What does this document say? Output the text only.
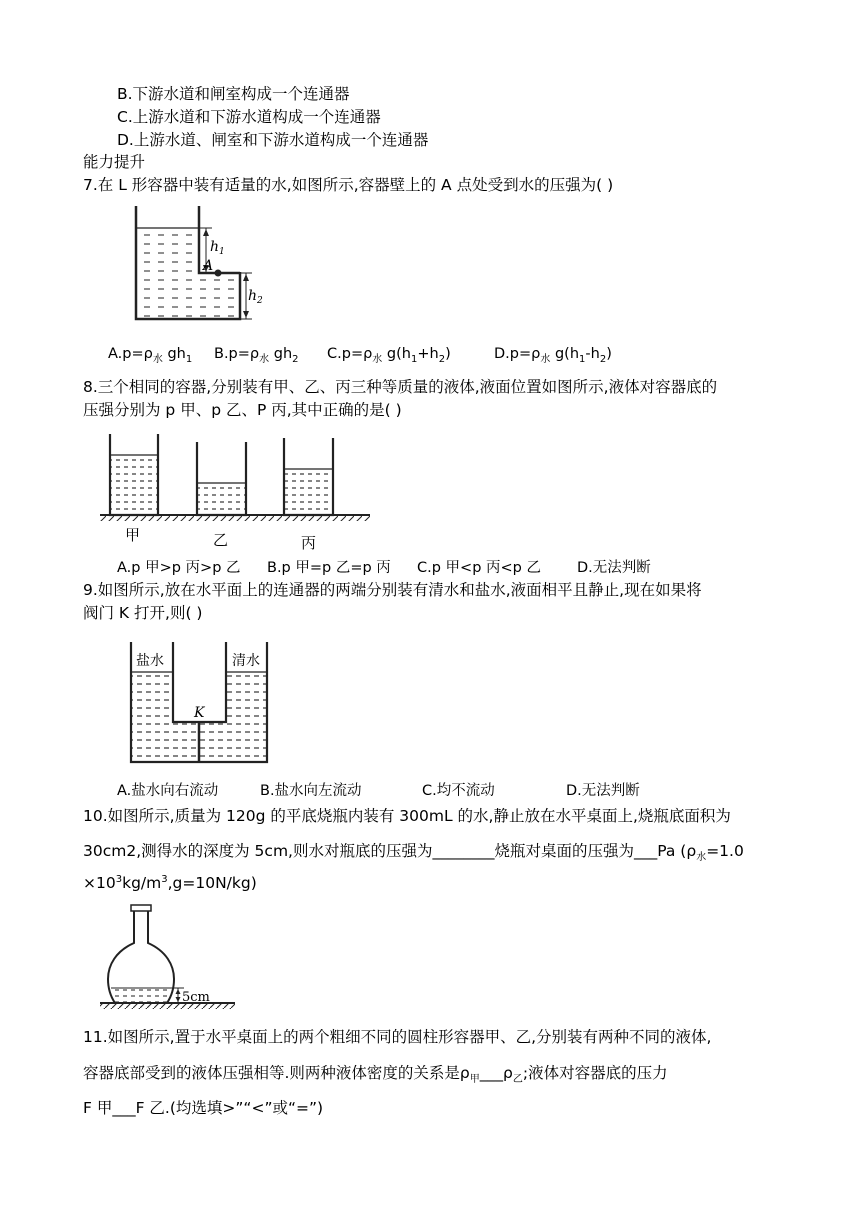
B.下游水道和闸室构成一个连通器
C.上游水道和下游水道构成一个连通器
D.上游水道、闸室和下游水道构成一个连通器
能力提升
7.在 L 形容器中装有适量的水,如图所示,容器壁上的 A 点处受到水的压强为( )
$h_1$
A
$h_2$
$A.p=\rho_水$ $gh_1$ $B.p=\rho_水$ $gh_2$ $C.p=\rho_水$ $g(h_1+h_2)$	$D.p=\rho_水$ $g(h_1-h_2)$
8.三个相同的容器,分别装有甲、乙、丙三种等质量的液体,液面位置如图所示,液体对容器底的
压强分别为 p 甲、p 乙、P 丙,其中正确的是( )
甲	乙	丙
A.p 甲>p 丙>p 乙 B.p 甲=p 乙=p 丙 C.p 甲<p 丙<p 乙 D.无法判断
9.如图所示,放在水平面上的连通器的两端分别装有清水和盐水,液面相平且静止,现在如果将
阀门 K 打开,则( )
K
盐水	清水
A.盐水向右流动	B.盐水向左流动	C.均不流动	D.无法判断
10.如图所示,质量为 120g 的平底烧瓶内装有 300mL 的水,静止放在水平桌面上,烧瓶底面积为
30cm2,测得水的深度为 5cm,则水对瓶底的压强为________烧瓶对桌面的压强为___Pa ($\rho_水=1.0$
$\times 10^3kg/m^3,g=10N/kg$)
5cm
11.如图所示,置于水平桌面上的两个粗细不同的圆柱形容器甲、乙,分别装有两种不同的液体,
容器底部受到的液体压强相等.则两种液体密度的关系是$\rho_甲\_\_\_\rho_乙$;液体对容器底的压力
F 甲___F 乙.(均选填>”“<”或“=”)
